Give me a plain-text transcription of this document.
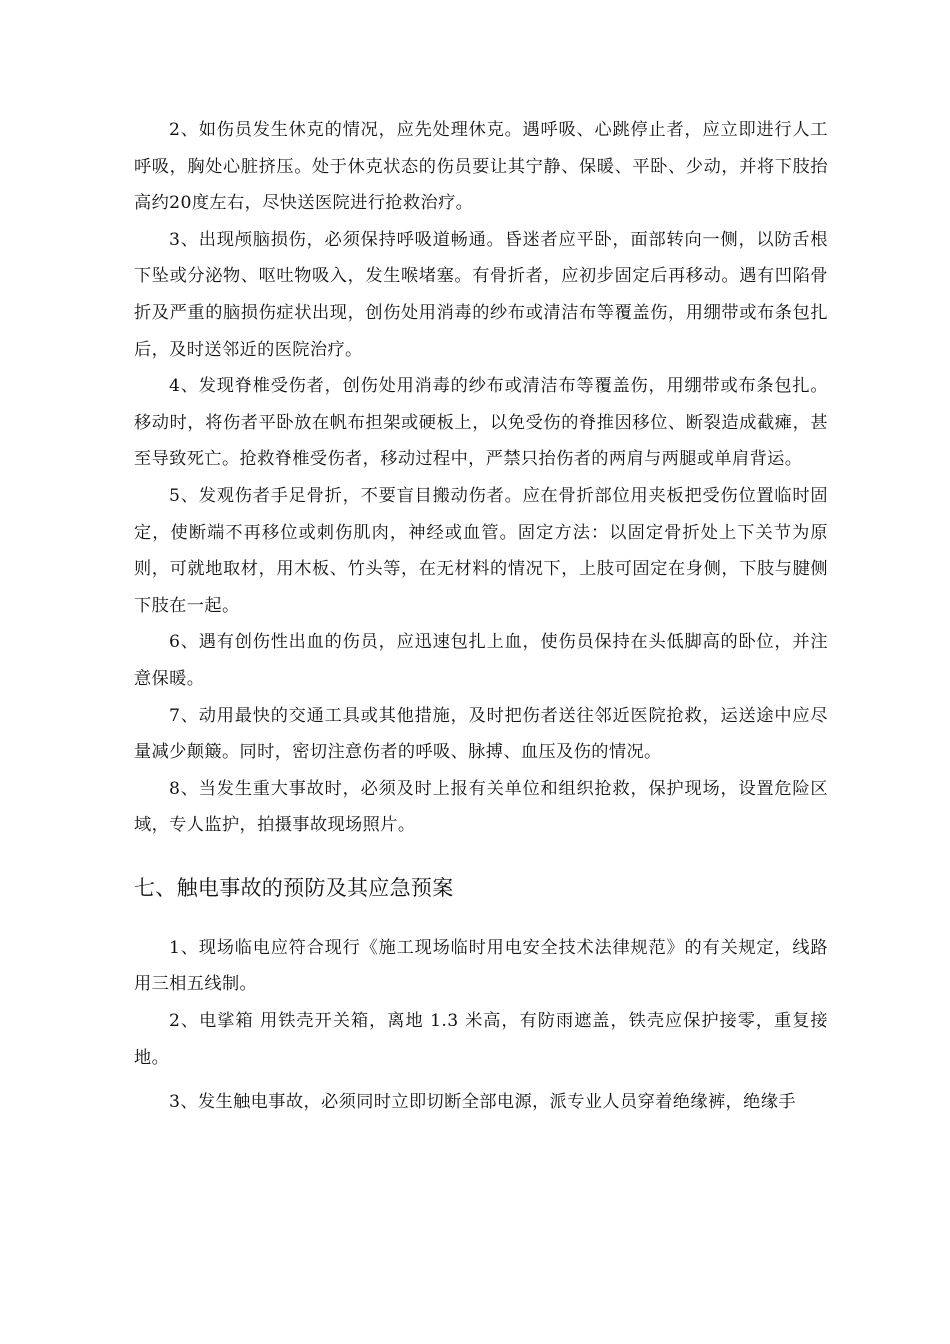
2、如伤员发生休克的情况，应先处理休克。遇呼吸、心跳停止者，应立即进行人工呼吸，胸处心脏挤压。处于休克状态的伤员要让其宁静、保暖、平卧、少动，并将下肢抬高约20度左右，尽快送医院进行抢救治疗。

3、出现颅脑损伤，必须保持呼吸道畅通。昏迷者应平卧，面部转向一侧，以防舌根下坠或分泌物、呕吐物吸入，发生喉堵塞。有骨折者，应初步固定后再移动。遇有凹陷骨折及严重的脑损伤症状出现，创伤处用消毒的纱布或清洁布等覆盖伤，用绷带或布条包扎后，及时送邻近的医院治疗。

4、发现脊椎受伤者，创伤处用消毒的纱布或清洁布等覆盖伤，用绷带或布条包扎。移动时，将伤者平卧放在帆布担架或硬板上，以免受伤的脊推因移位、断裂造成截瘫，甚至导致死亡。抢救脊椎受伤者，移动过程中，严禁只抬伤者的两肩与两腿或单肩背运。

5、发观伤者手足骨折，不要盲目搬动伤者。应在骨折部位用夹板把受伤位置临时固定，使断端不再移位或刺伤肌肉，神经或血管。固定方法：以固定骨折处上下关节为原则，可就地取材，用木板、竹头等，在无材料的情况下，上肢可固定在身侧，下肢与腱侧下肢在一起。

6、遇有创伤性出血的伤员，应迅速包扎上血，使伤员保持在头低脚高的卧位，并注意保暖。

7、动用最快的交通工具或其他措施，及时把伤者送往邻近医院抢救，运送途中应尽量减少颠簸。同时，密切注意伤者的呼吸、脉搏、血压及伤的情况。

8、当发生重大事故时，必须及时上报有关单位和组织抢救，保护现场，设置危险区域，专人监护，拍摄事故现场照片。

七、触电事故的预防及其应急预案

1、现场临电应符合现行《施工现场临时用电安全技术法律规范》的有关规定，线路用三相五线制。

2、电挲箱 用铁壳开关箱，离地 1.3 米高，有防雨遮盖，铁壳应保护接零，重复接地。

3、发生触电事故，必须同时立即切断全部电源，派专业人员穿着绝缘裤，绝缘手
